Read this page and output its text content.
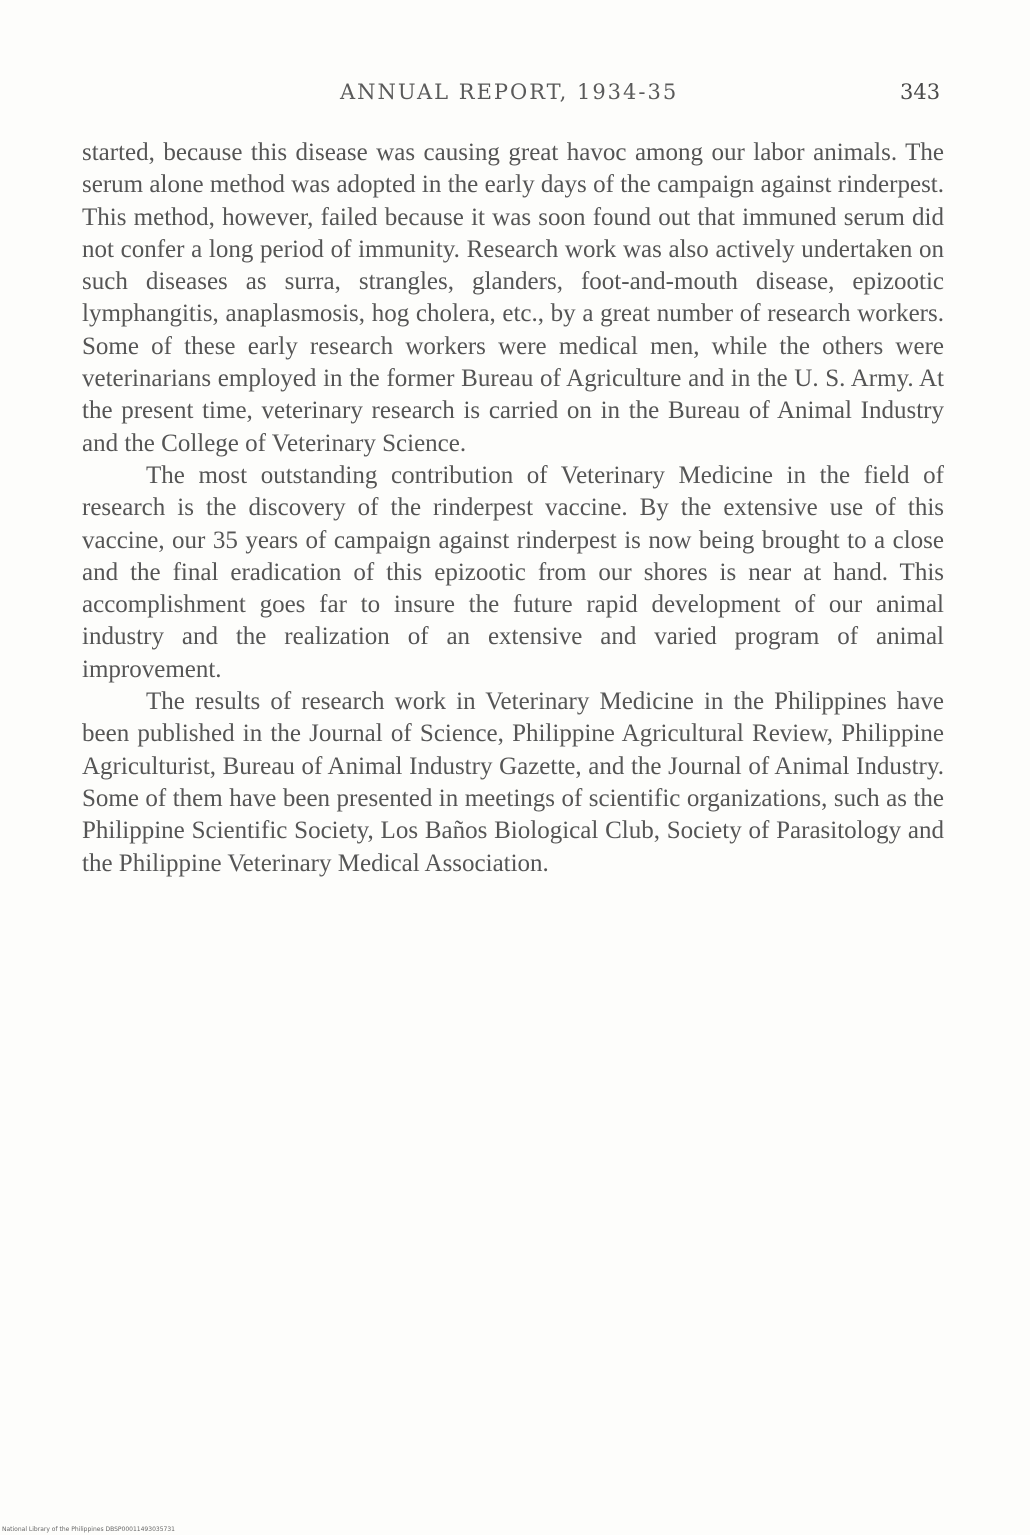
ANNUAL REPORT, 1934-35	343

started, because this disease was causing great havoc among our labor animals. The serum alone method was adopted in the early days of the campaign against rinderpest. This method, however, failed because it was soon found out that immuned serum did not confer a long period of immunity. Research work was also actively undertaken on such diseases as surra, strangles, glanders, foot-and-mouth disease, epizootic lymphangitis, anaplasmosis, hog cholera, etc., by a great number of research workers. Some of these early research workers were medical men, while the others were veterinarians employed in the former Bureau of Agriculture and in the U. S. Army. At the present time, veterinary research is carried on in the Bureau of Animal Industry and the College of Veterinary Science.

The most outstanding contribution of Veterinary Medicine in the field of research is the discovery of the rinderpest vaccine. By the extensive use of this vaccine, our 35 years of campaign against rinderpest is now being brought to a close and the final eradication of this epizootic from our shores is near at hand. This accomplishment goes far to insure the future rapid development of our animal industry and the realization of an extensive and varied program of animal improvement.

The results of research work in Veterinary Medicine in the Philippines have been published in the Journal of Science, Philippine Agricultural Review, Philippine Agriculturist, Bureau of Animal Industry Gazette, and the Journal of Animal Industry. Some of them have been presented in meetings of scientific organizations, such as the Philippine Scientific Society, Los Baños Biological Club, Society of Parasitology and the Philippine Veterinary Medical Association.

National Library of the Philippines DBSP00011493035731
